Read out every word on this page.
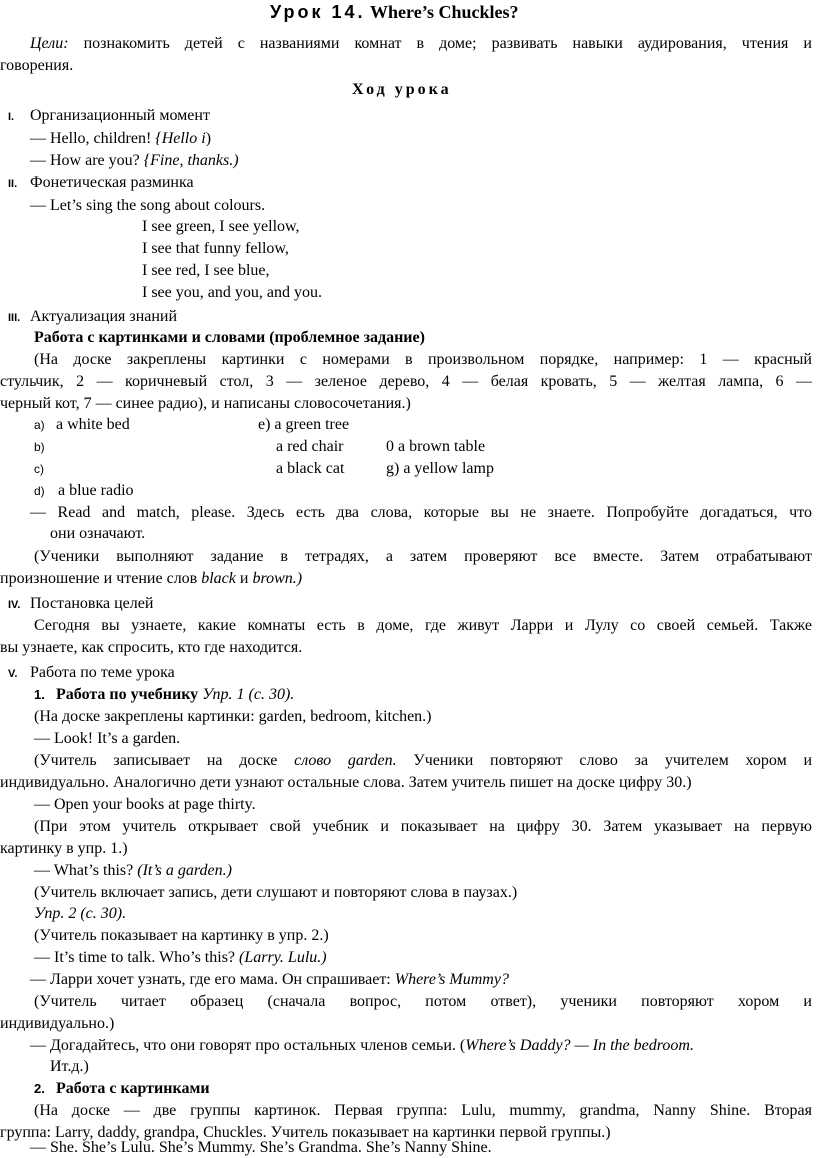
Урок 14. Where’s Chuckles?
Цели: познакомить детей с названиями комнат в доме; развивать навыки аудирования, чтения и
говорения.
Ход урока
I. Организационный момент
— Hello, children! {Hello i)
— How are you? {Fine, thanks.)
II. Фонетическая разминка
— Let’s sing the song about colours.
I see green, I see yellow,
I see that funny fellow,
I see red, I see blue,
I see you, and you, and you.
III. Актуализация знаний
Работа с картинками и словами (проблемное задание)
(На доске закреплены картинки с номерами в произвольном порядке, например: 1 — красный
стульчик, 2 — коричневый стол, 3 — зеленое дерево, 4 — белая кровать, 5 — желтая лампа, 6 —
черный кот, 7 — синее радио), и написаны словосочетания.)
a) a white bed	e) a green tree
b)	a red chair	0 a brown table
c)	a black cat	g) a yellow lamp
d) a blue radio
— Read and match, please. Здесь есть два слова, которые вы не знаете. Попробуйте догадаться, что
они означают.
(Ученики выполняют задание в тетрадях, а затем проверяют все вместе. Затем отрабатывают
произношение и чтение слов black и brown.)
IV. Постановка целей
Сегодня вы узнаете, какие комнаты есть в доме, где живут Ларри и Лулу со своей семьей. Также
вы узнаете, как спросить, кто где находится.
V. Работа по теме урока
1. Работа по учебнику Упр. 1 (с. 30).
(На доске закреплены картинки: garden, bedroom, kitchen.)
— Look! It’s a garden.
(Учитель записывает на доске слово garden. Ученики повторяют слово за учителем хором и
индивидуально. Аналогично дети узнают остальные слова. Затем учитель пишет на доске цифру 30.)
— Open your books at page thirty.
(При этом учитель открывает свой учебник и показывает на цифру 30. Затем указывает на первую
картинку в упр. 1.)
— What’s this? (It’s a garden.)
(Учитель включает запись, дети слушают и повторяют слова в паузах.)
Упр. 2 (с. 30).
(Учитель показывает на картинку в упр. 2.)
— It’s time to talk. Who’s this? (Larry. Lulu.)
— Ларри хочет узнать, где его мама. Он спрашивает: Where’s Mummy?
(Учитель читает образец (сначала вопрос, потом ответ), ученики повторяют хором и
индивидуально.)
— Догадайтесь, что они говорят про остальных членов семьи. (Where’s Daddy? — In the bedroom.
Ит.д.)
2. Работа с картинками
(На доске — две группы картинок. Первая группа: Lulu, mummy, grandma, Nanny Shine. Вторая
группа: Larry, daddy, grandpa, Chuckles. Учитель показывает на картинки первой группы.)
— She. She’s Lulu. She’s Mummy. She’s Grandma. She’s Nanny Shine.
